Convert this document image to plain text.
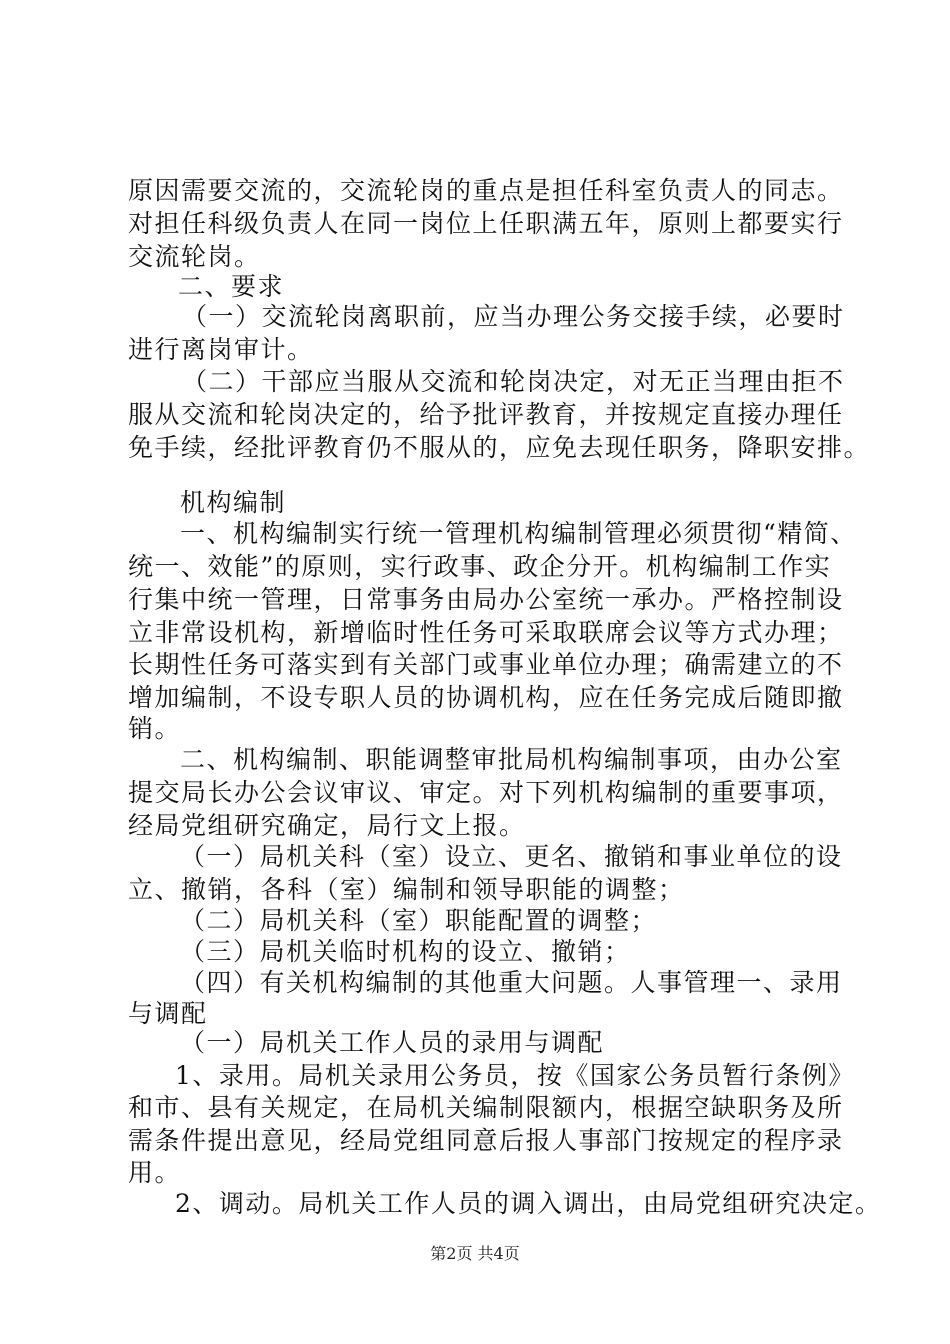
原因需要交流的，交流轮岗的重点是担任科室负责人的同志。
对担任科级负责人在同一岗位上任职满五年，原则上都要实行
交流轮岗。
二、要求
（一）交流轮岗离职前，应当办理公务交接手续，必要时
进行离岗审计。
（二）干部应当服从交流和轮岗决定，对无正当理由拒不
服从交流和轮岗决定的，给予批评教育，并按规定直接办理任
免手续，经批评教育仍不服从的，应免去现任职务，降职安排。
机构编制
一、机构编制实行统一管理机构编制管理必须贯彻“精简、
统一、效能”的原则，实行政事、政企分开。机构编制工作实
行集中统一管理，日常事务由局办公室统一承办。严格控制设
立非常设机构，新增临时性任务可采取联席会议等方式办理；
长期性任务可落实到有关部门或事业单位办理；确需建立的不
增加编制，不设专职人员的协调机构，应在任务完成后随即撤
销。
二、机构编制、职能调整审批局机构编制事项，由办公室
提交局长办公会议审议、审定。对下列机构编制的重要事项，
经局党组研究确定，局行文上报。
（一）局机关科（室）设立、更名、撤销和事业单位的设
立、撤销，各科（室）编制和领导职能的调整；
（二）局机关科（室）职能配置的调整；
（三）局机关临时机构的设立、撤销；
（四）有关机构编制的其他重大问题。人事管理一、录用
与调配
（一）局机关工作人员的录用与调配
1、录用。局机关录用公务员，按《国家公务员暂行条例》
和市、县有关规定，在局机关编制限额内，根据空缺职务及所
需条件提出意见，经局党组同意后报人事部门按规定的程序录
用。
2、调动。局机关工作人员的调入调出，由局党组研究决定。
第2页 共4页
